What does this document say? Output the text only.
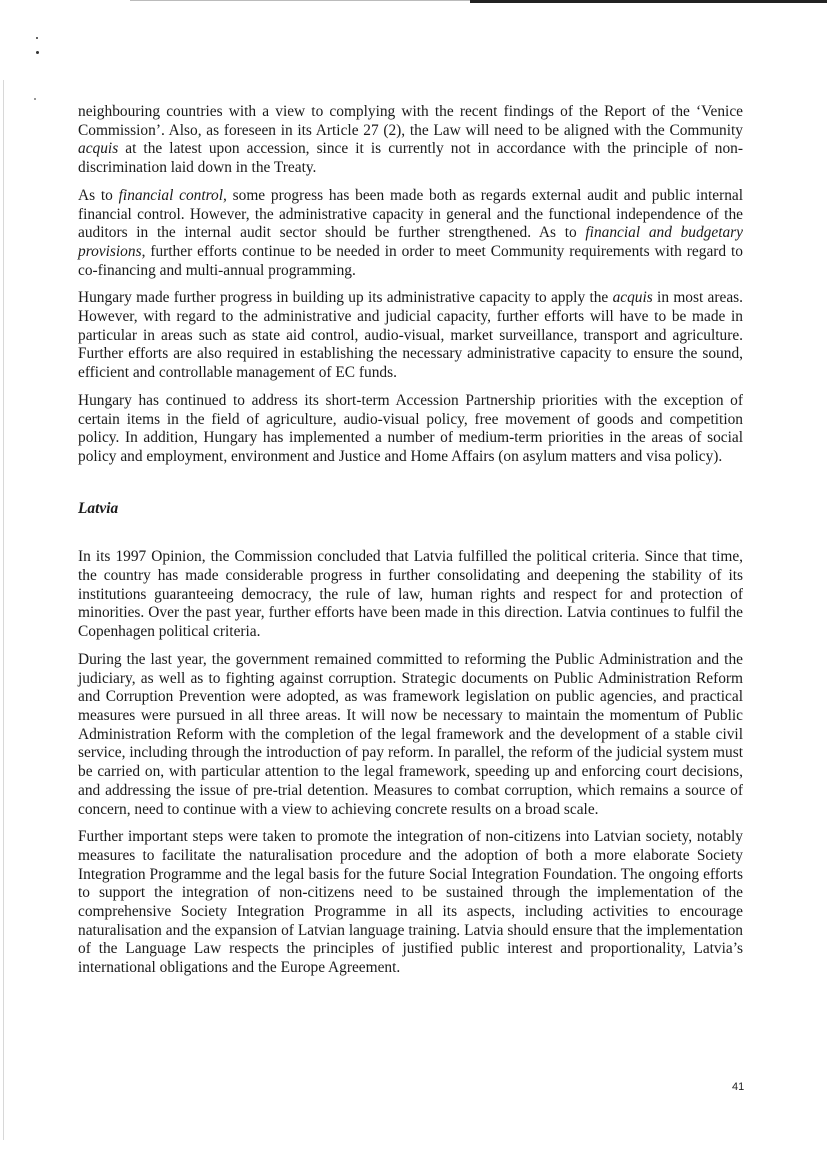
neighbouring countries with a view to complying with the recent findings of the Report of the ‘Venice Commission’. Also, as foreseen in its Article 27 (2), the Law will need to be aligned with the Community acquis at the latest upon accession, since it is currently not in accordance with the principle of non-discrimination laid down in the Treaty.

As to financial control, some progress has been made both as regards external audit and public internal financial control. However, the administrative capacity in general and the functional independence of the auditors in the internal audit sector should be further strengthened. As to financial and budgetary provisions, further efforts continue to be needed in order to meet Community requirements with regard to co-financing and multi-annual programming.

Hungary made further progress in building up its administrative capacity to apply the acquis in most areas. However, with regard to the administrative and judicial capacity, further efforts will have to be made in particular in areas such as state aid control, audio-visual, market surveillance, transport and agriculture. Further efforts are also required in establishing the necessary administrative capacity to ensure the sound, efficient and controllable management of EC funds.

Hungary has continued to address its short-term Accession Partnership priorities with the exception of certain items in the field of agriculture, audio-visual policy, free movement of goods and competition policy. In addition, Hungary has implemented a number of medium-term priorities in the areas of social policy and employment, environment and Justice and Home Affairs (on asylum matters and visa policy).

Latvia

In its 1997 Opinion, the Commission concluded that Latvia fulfilled the political criteria. Since that time, the country has made considerable progress in further consolidating and deepening the stability of its institutions guaranteeing democracy, the rule of law, human rights and respect for and protection of minorities. Over the past year, further efforts have been made in this direction. Latvia continues to fulfil the Copenhagen political criteria.

During the last year, the government remained committed to reforming the Public Administration and the judiciary, as well as to fighting against corruption. Strategic documents on Public Administration Reform and Corruption Prevention were adopted, as was framework legislation on public agencies, and practical measures were pursued in all three areas. It will now be necessary to maintain the momentum of Public Administration Reform with the completion of the legal framework and the development of a stable civil service, including through the introduction of pay reform. In parallel, the reform of the judicial system must be carried on, with particular attention to the legal framework, speeding up and enforcing court decisions, and addressing the issue of pre-trial detention. Measures to combat corruption, which remains a source of concern, need to continue with a view to achieving concrete results on a broad scale.

Further important steps were taken to promote the integration of non-citizens into Latvian society, notably measures to facilitate the naturalisation procedure and the adoption of both a more elaborate Society Integration Programme and the legal basis for the future Social Integration Foundation. The ongoing efforts to support the integration of non-citizens need to be sustained through the implementation of the comprehensive Society Integration Programme in all its aspects, including activities to encourage naturalisation and the expansion of Latvian language training. Latvia should ensure that the implementation of the Language Law respects the principles of justified public interest and proportionality, Latvia’s international obligations and the Europe Agreement.

41
